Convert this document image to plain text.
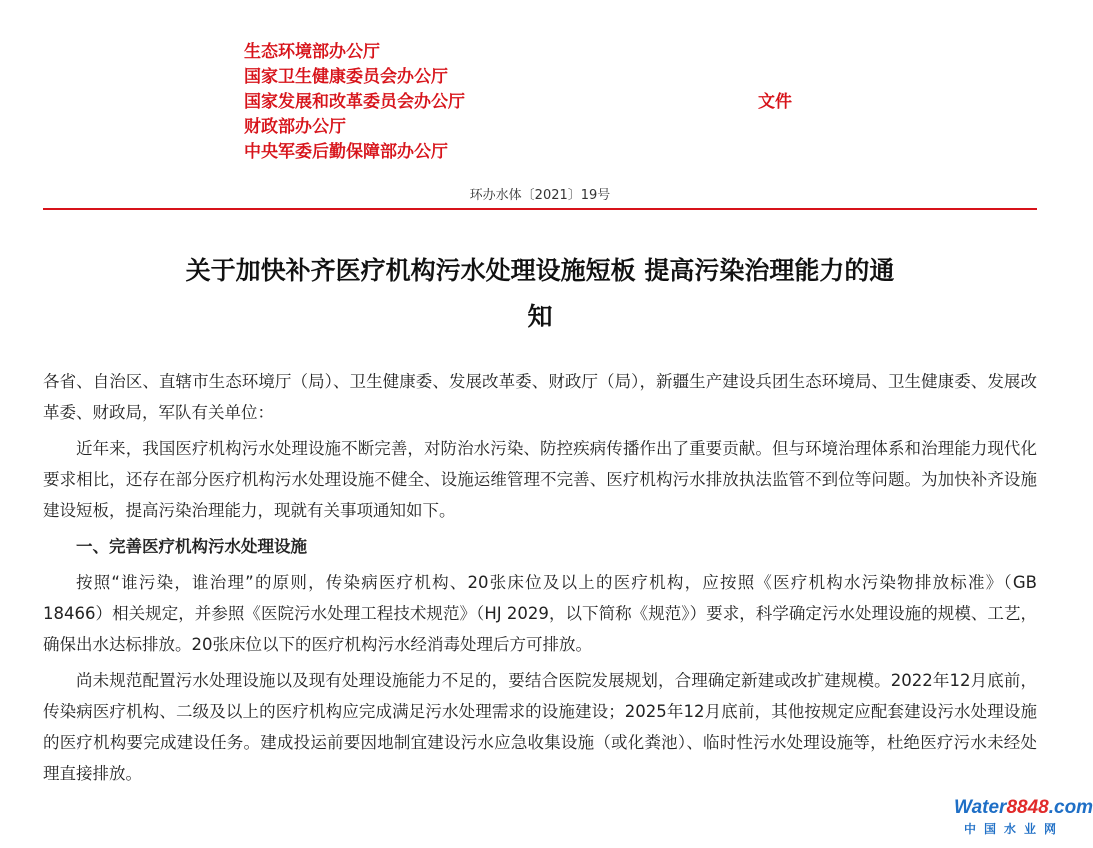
生态环境部办公厅
国家卫生健康委员会办公厅
国家发展和改革委员会办公厅
财政部办公厅
中央军委后勤保障部办公厅
文件
环办水体〔2021〕19号
关于加快补齐医疗机构污水处理设施短板 提高污染治理能力的通
知

各省、自治区、直辖市生态环境厅（局）、卫生健康委、发展改革委、财政厅（局），新疆生产建设兵团生态环境局、卫生健康委、发展改革委、财政局，军队有关单位：

近年来，我国医疗机构污水处理设施不断完善，对防治水污染、防控疾病传播作出了重要贡献。但与环境治理体系和治理能力现代化要求相比，还存在部分医疗机构污水处理设施不健全、设施运维管理不完善、医疗机构污水排放执法监管不到位等问题。为加快补齐设施建设短板，提高污染治理能力，现就有关事项通知如下。

一、完善医疗机构污水处理设施

按照“谁污染，谁治理”的原则，传染病医疗机构、20张床位及以上的医疗机构，应按照《医疗机构水污染物排放标准》（GB 18466）相关规定，并参照《医院污水处理工程技术规范》（HJ 2029，以下简称《规范》）要求，科学确定污水处理设施的规模、工艺，确保出水达标排放。20张床位以下的医疗机构污水经消毒处理后方可排放。

尚未规范配置污水处理设施以及现有处理设施能力不足的，要结合医院发展规划，合理确定新建或改扩建规模。2022年12月底前，传染病医疗机构、二级及以上的医疗机构应完成满足污水处理需求的设施建设；2025年12月底前，其他按规定应配套建设污水处理设施的医疗机构要完成建设任务。建成投运前要因地制宜建设污水应急收集设施（或化粪池）、临时性污水处理设施等，杜绝医疗污水未经处理直接排放。

Water8848.com
中国水业网
